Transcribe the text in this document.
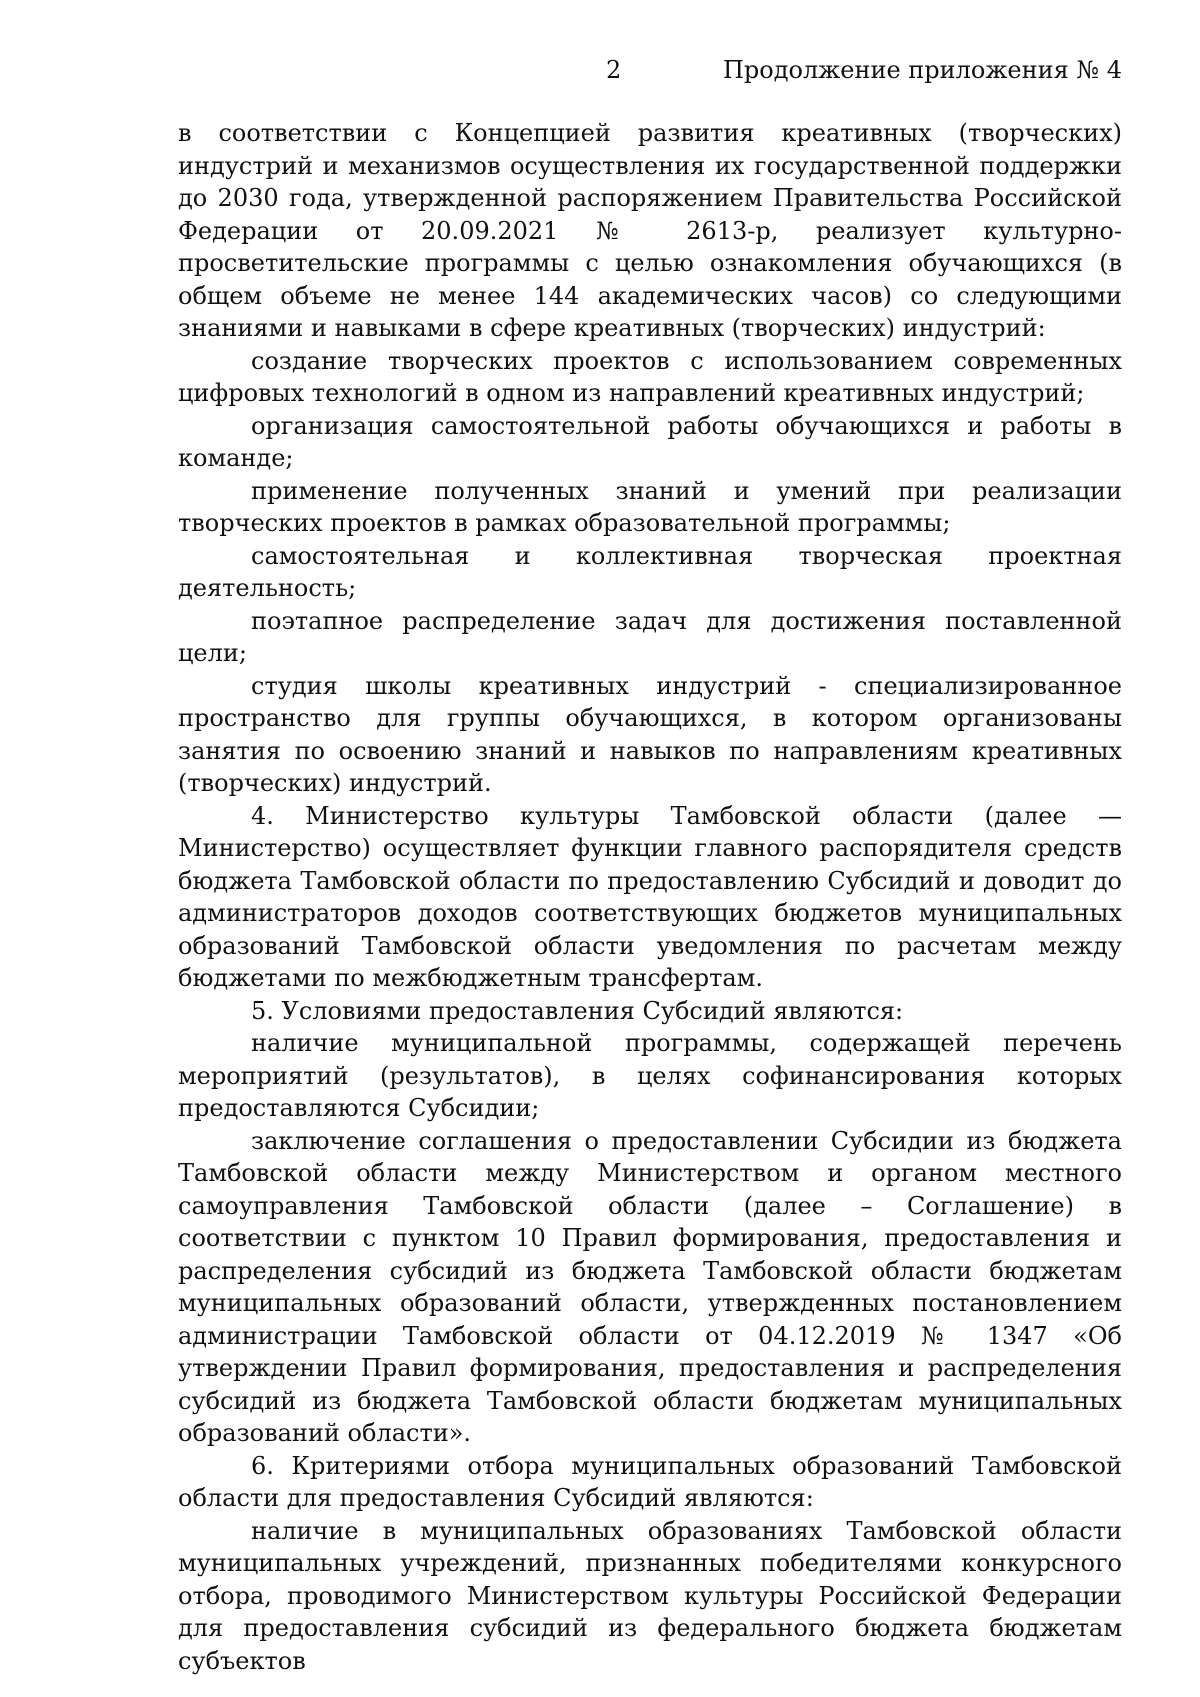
2	Продолжение приложения № 4

в соответствии с Концепцией развития креативных (творческих) индустрий и механизмов осуществления их государственной поддержки до 2030 года, утвержденной распоряжением Правительства Российской Федерации от 20.09.2021 № 2613-р, реализует культурно-просветительские программы с целью ознакомления обучающихся (в общем объеме не менее 144 академических часов) со следующими знаниями и навыками в сфере креативных (творческих) индустрий:

создание творческих проектов с использованием современных цифровых технологий в одном из направлений креативных индустрий;

организация самостоятельной работы обучающихся и работы в команде;

применение полученных знаний и умений при реализации творческих проектов в рамках образовательной программы;

самостоятельная и коллективная творческая проектная деятельность;

поэтапное распределение задач для достижения поставленной цели;

студия школы креативных индустрий - специализированное пространство для группы обучающихся, в котором организованы занятия по освоению знаний и навыков по направлениям креативных (творческих) индустрий.

4. Министерство культуры Тамбовской области (далее — Министерство) осуществляет функции главного распорядителя средств бюджета Тамбовской области по предоставлению Субсидий и доводит до администраторов доходов соответствующих бюджетов муниципальных образований Тамбовской области уведомления по расчетам между бюджетами по межбюджетным трансфертам.

5. Условиями предоставления Субсидий являются:

наличие муниципальной программы, содержащей перечень мероприятий (результатов), в целях софинансирования которых предоставляются Субсидии;

заключение соглашения о предоставлении Субсидии из бюджета Тамбовской области между Министерством и органом местного самоуправления Тамбовской области (далее – Соглашение) в соответствии с пунктом 10 Правил формирования, предоставления и распределения субсидий из бюджета Тамбовской области бюджетам муниципальных образований области, утвержденных постановлением администрации Тамбовской области от 04.12.2019 № 1347 «Об утверждении Правил формирования, предоставления и распределения субсидий из бюджета Тамбовской области бюджетам муниципальных образований области».

6. Критериями отбора муниципальных образований Тамбовской области для предоставления Субсидий являются:

наличие в муниципальных образованиях Тамбовской области муниципальных учреждений, признанных победителями конкурсного отбора, проводимого Министерством культуры Российской Федерации для предоставления субсидий из федерального бюджета бюджетам субъектов
